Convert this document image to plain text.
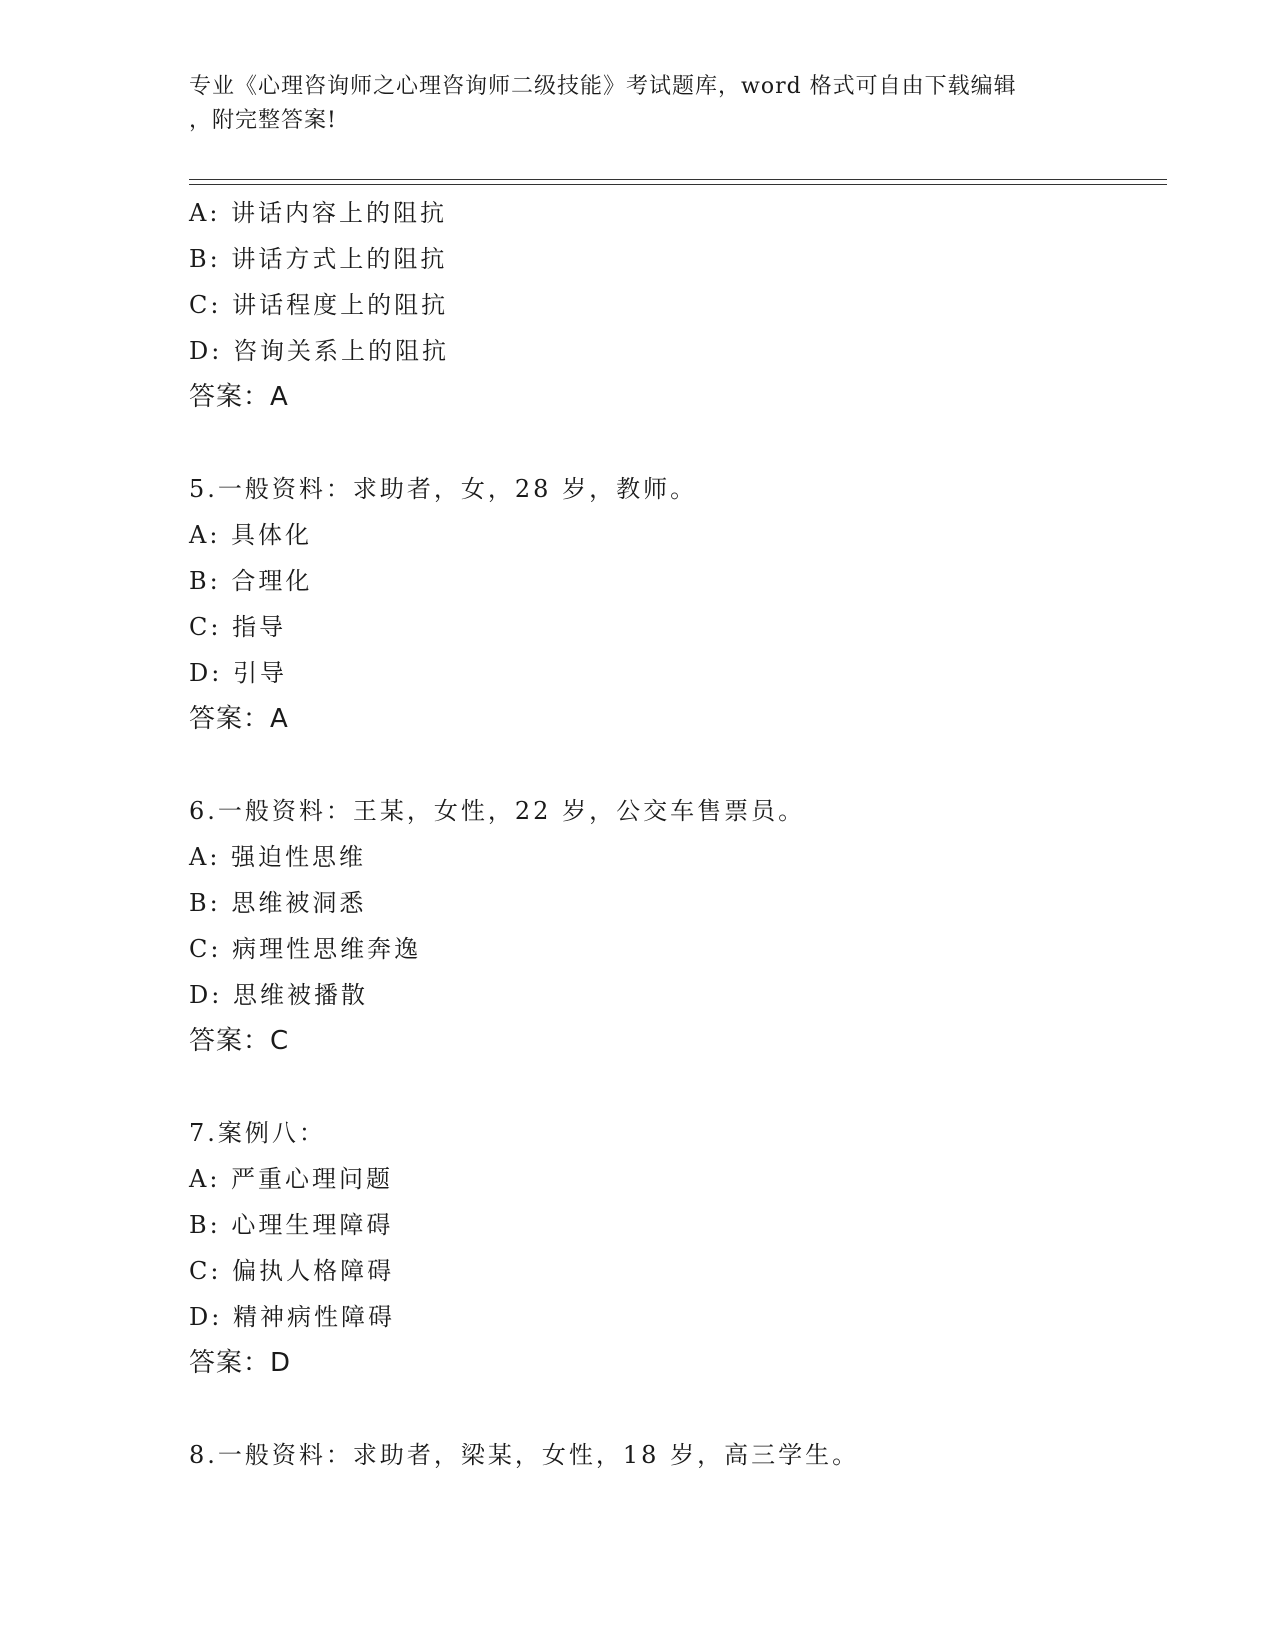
专业《心理咨询师之心理咨询师二级技能》考试题库，word 格式可自由下载编辑
，附完整答案!
A: 讲话内容上的阻抗
B: 讲话方式上的阻抗
C: 讲话程度上的阻抗
D: 咨询关系上的阻抗
答案：A
5.一般资料：求助者，女，28 岁，教师。
A: 具体化
B: 合理化
C: 指导
D: 引导
答案：A
6.一般资料：王某，女性，22 岁，公交车售票员。
A: 强迫性思维
B: 思维被洞悉
C: 病理性思维奔逸
D: 思维被播散
答案：C
7.案例八：
A: 严重心理问题
B: 心理生理障碍
C: 偏执人格障碍
D: 精神病性障碍
答案：D
8.一般资料：求助者，梁某，女性，18 岁，高三学生。
